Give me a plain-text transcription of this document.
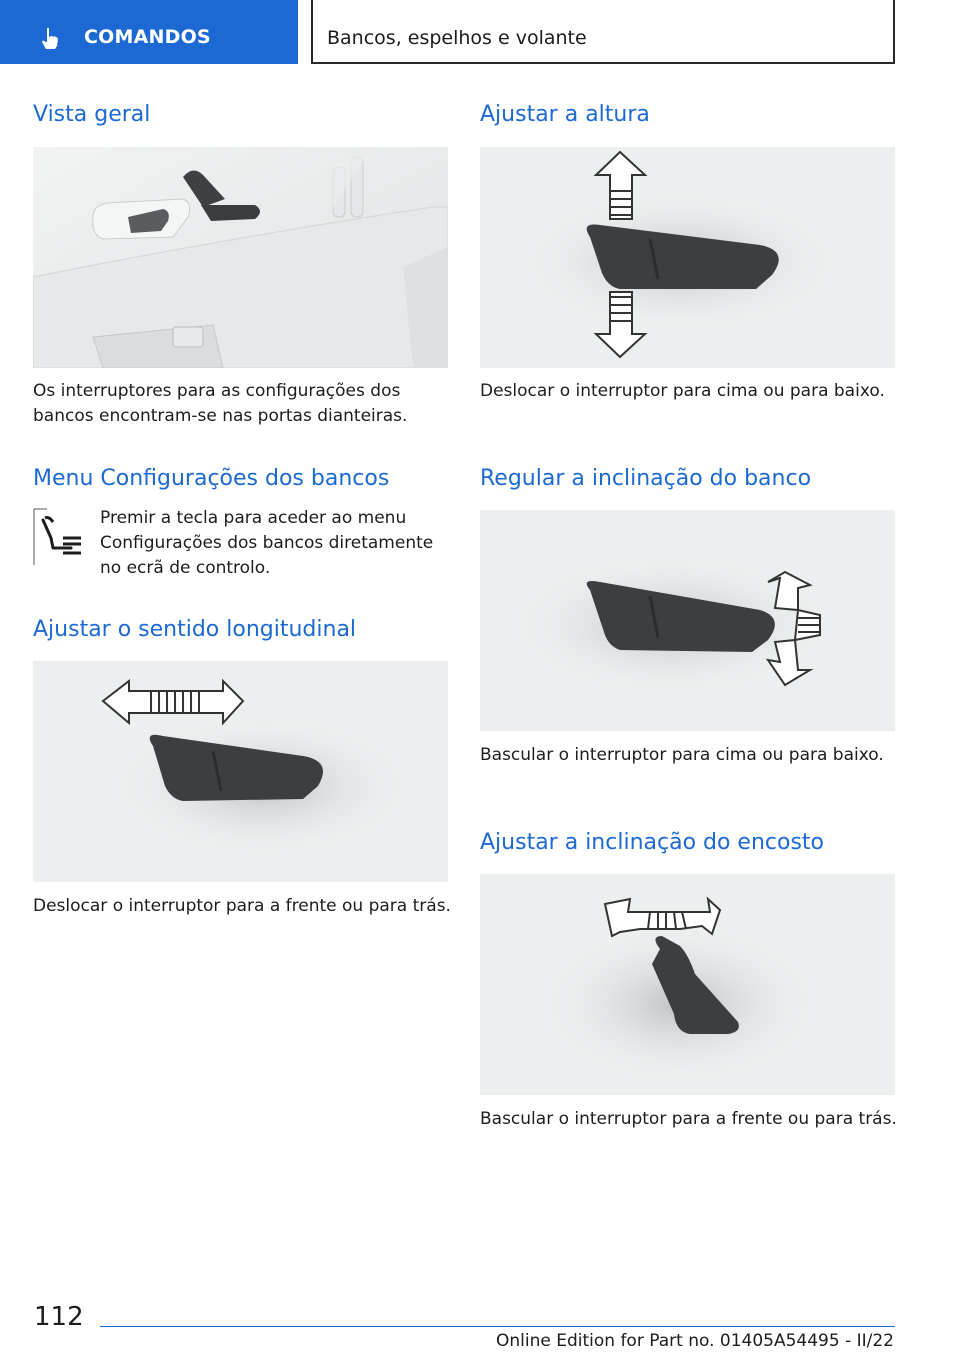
COMANDOS	Bancos, espelhos e volante
Vista geral

Os interruptores para as configurações dos bancos encontram-se nas portas dianteiras.

Menu Configurações dos bancos

Premir a tecla para aceder ao menu Configurações dos bancos diretamente no ecrã de controlo.

Ajustar o sentido longitudinal

Deslocar o interruptor para a frente ou para trás.

Ajustar a altura

Deslocar o interruptor para cima ou para baixo.

Regular a inclinação do banco

Bascular o interruptor para cima ou para baixo.

Ajustar a inclinação do encosto

Bascular o interruptor para a frente ou para trás.

112
Online Edition for Part no. 01405A54495 - II/22
